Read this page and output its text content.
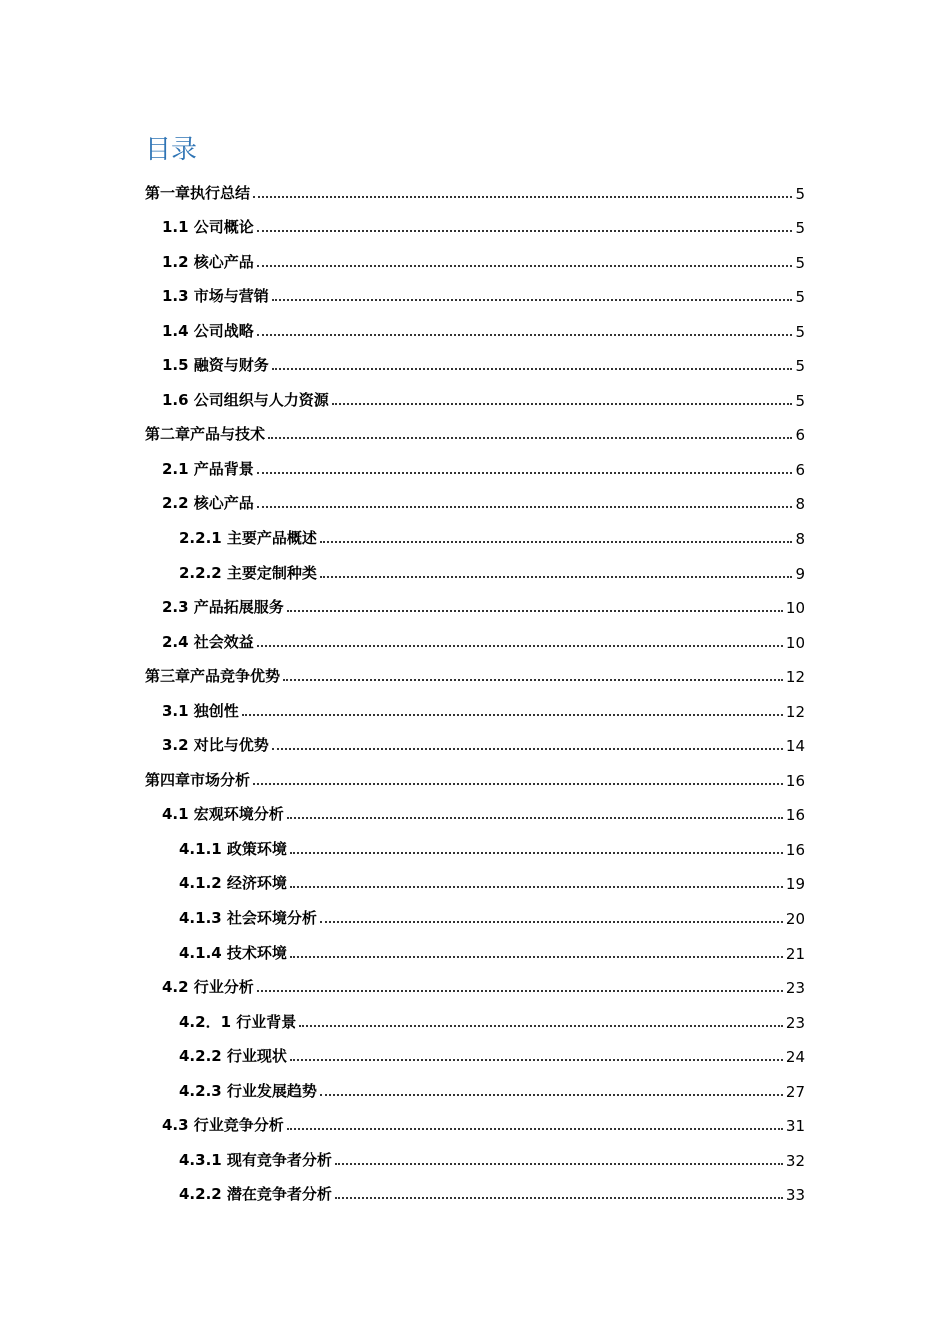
目录
第一章执行总结	5
1.1 公司概论	5
1.2 核心产品	5
1.3 市场与营销	5
1.4 公司战略	5
1.5 融资与财务	5
1.6 公司组织与人力资源	5
第二章产品与技术	6
2.1 产品背景	6
2.2 核心产品	8
2.2.1 主要产品概述	8
2.2.2 主要定制种类	9
2.3 产品拓展服务	10
2.4 社会效益	10
第三章产品竞争优势	12
3.1 独创性	12
3.2 对比与优势	14
第四章市场分析	16
4.1 宏观环境分析	16
4.1.1 政策环境	16
4.1.2 经济环境	19
4.1.3 社会环境分析	20
4.1.4 技术环境	21
4.2 行业分析	23
4.2．1 行业背景	23
4.2.2 行业现状	24
4.2.3 行业发展趋势	27
4.3 行业竞争分析	31
4.3.1 现有竞争者分析	32
4.2.2 潜在竞争者分析	33
